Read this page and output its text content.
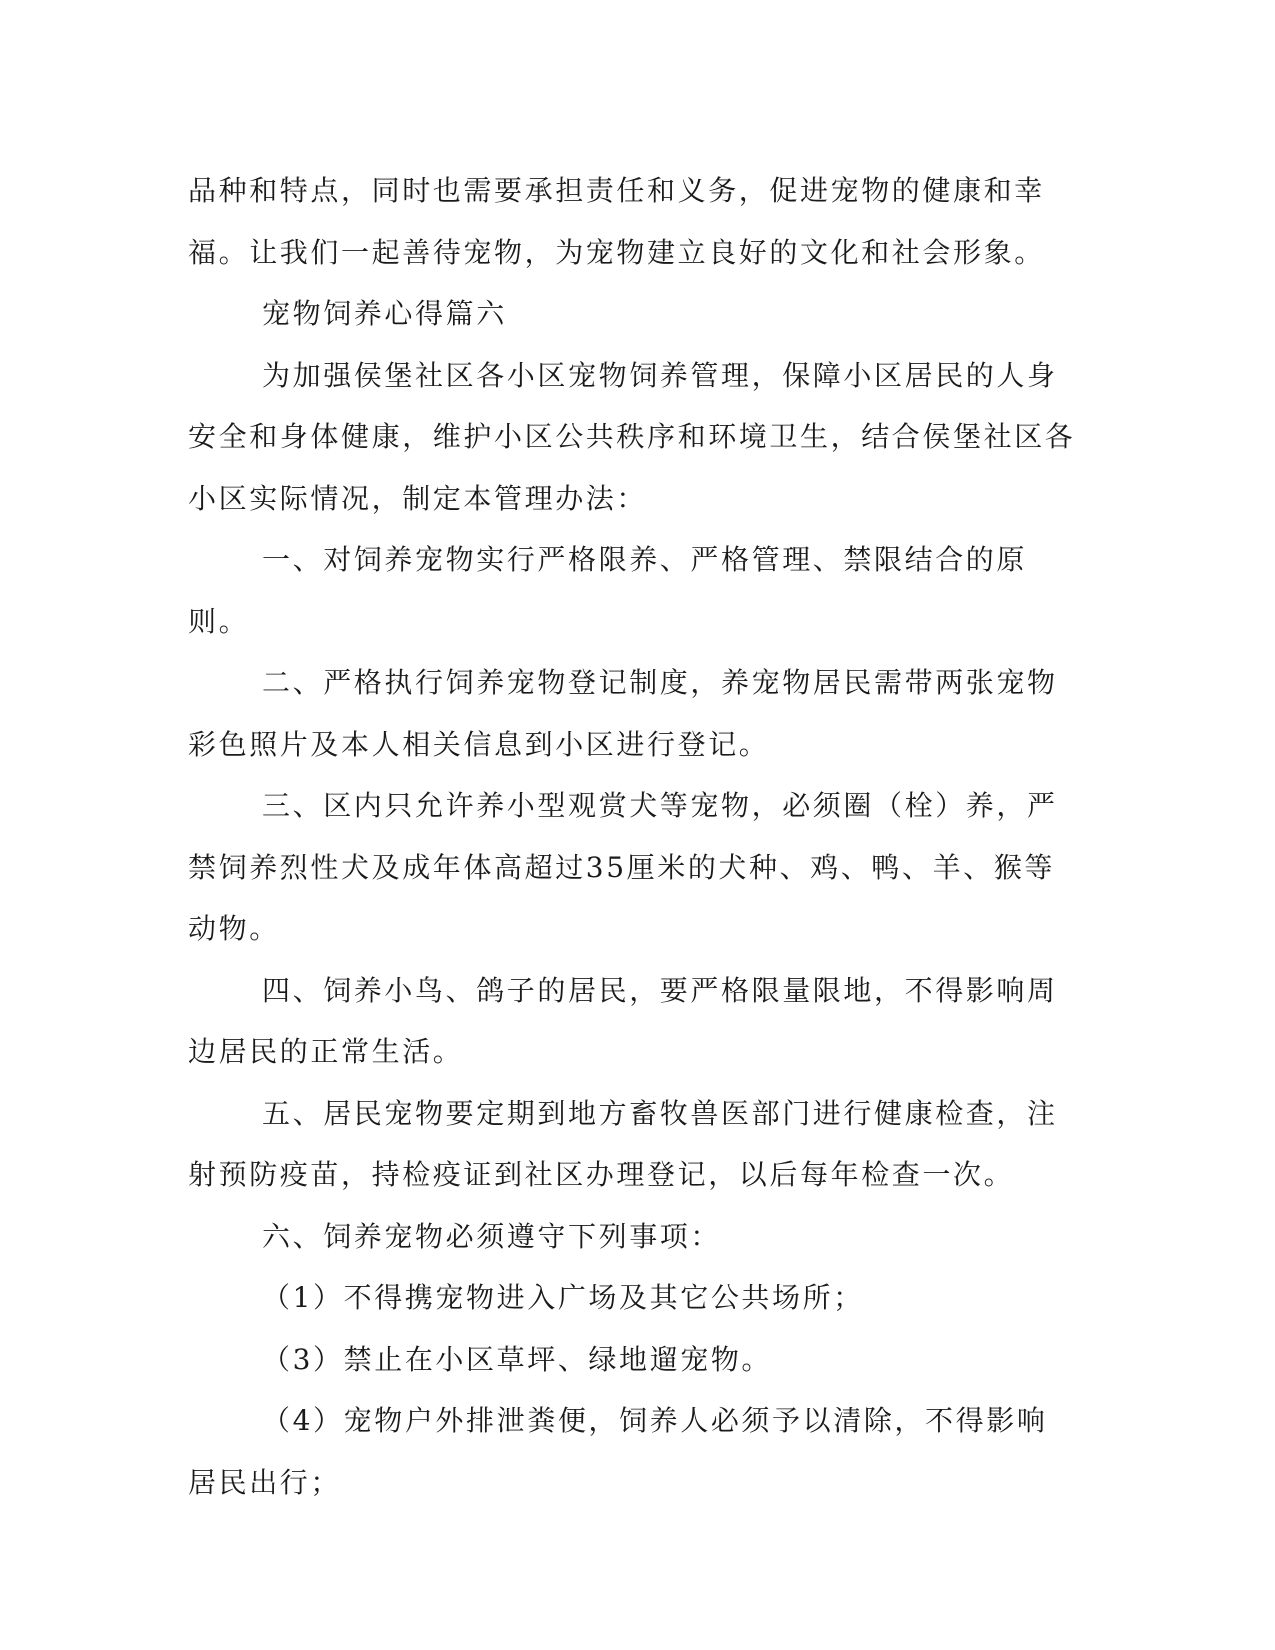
品种和特点，同时也需要承担责任和义务，促进宠物的健康和幸福。让我们一起善待宠物，为宠物建立良好的文化和社会形象。

宠物饲养心得篇六

为加强侯堡社区各小区宠物饲养管理，保障小区居民的人身安全和身体健康，维护小区公共秩序和环境卫生，结合侯堡社区各小区实际情况，制定本管理办法：

一、对饲养宠物实行严格限养、严格管理、禁限结合的原则。

二、严格执行饲养宠物登记制度，养宠物居民需带两张宠物彩色照片及本人相关信息到小区进行登记。

三、区内只允许养小型观赏犬等宠物，必须圈（栓）养，严禁饲养烈性犬及成年体高超过35厘米的犬种、鸡、鸭、羊、猴等动物。

四、饲养小鸟、鸽子的居民，要严格限量限地，不得影响周边居民的正常生活。

五、居民宠物要定期到地方畜牧兽医部门进行健康检查，注射预防疫苗，持检疫证到社区办理登记，以后每年检查一次。

六、饲养宠物必须遵守下列事项：

（1）不得携宠物进入广场及其它公共场所；

（3）禁止在小区草坪、绿地遛宠物。

（4）宠物户外排泄粪便，饲养人必须予以清除，不得影响居民出行；
